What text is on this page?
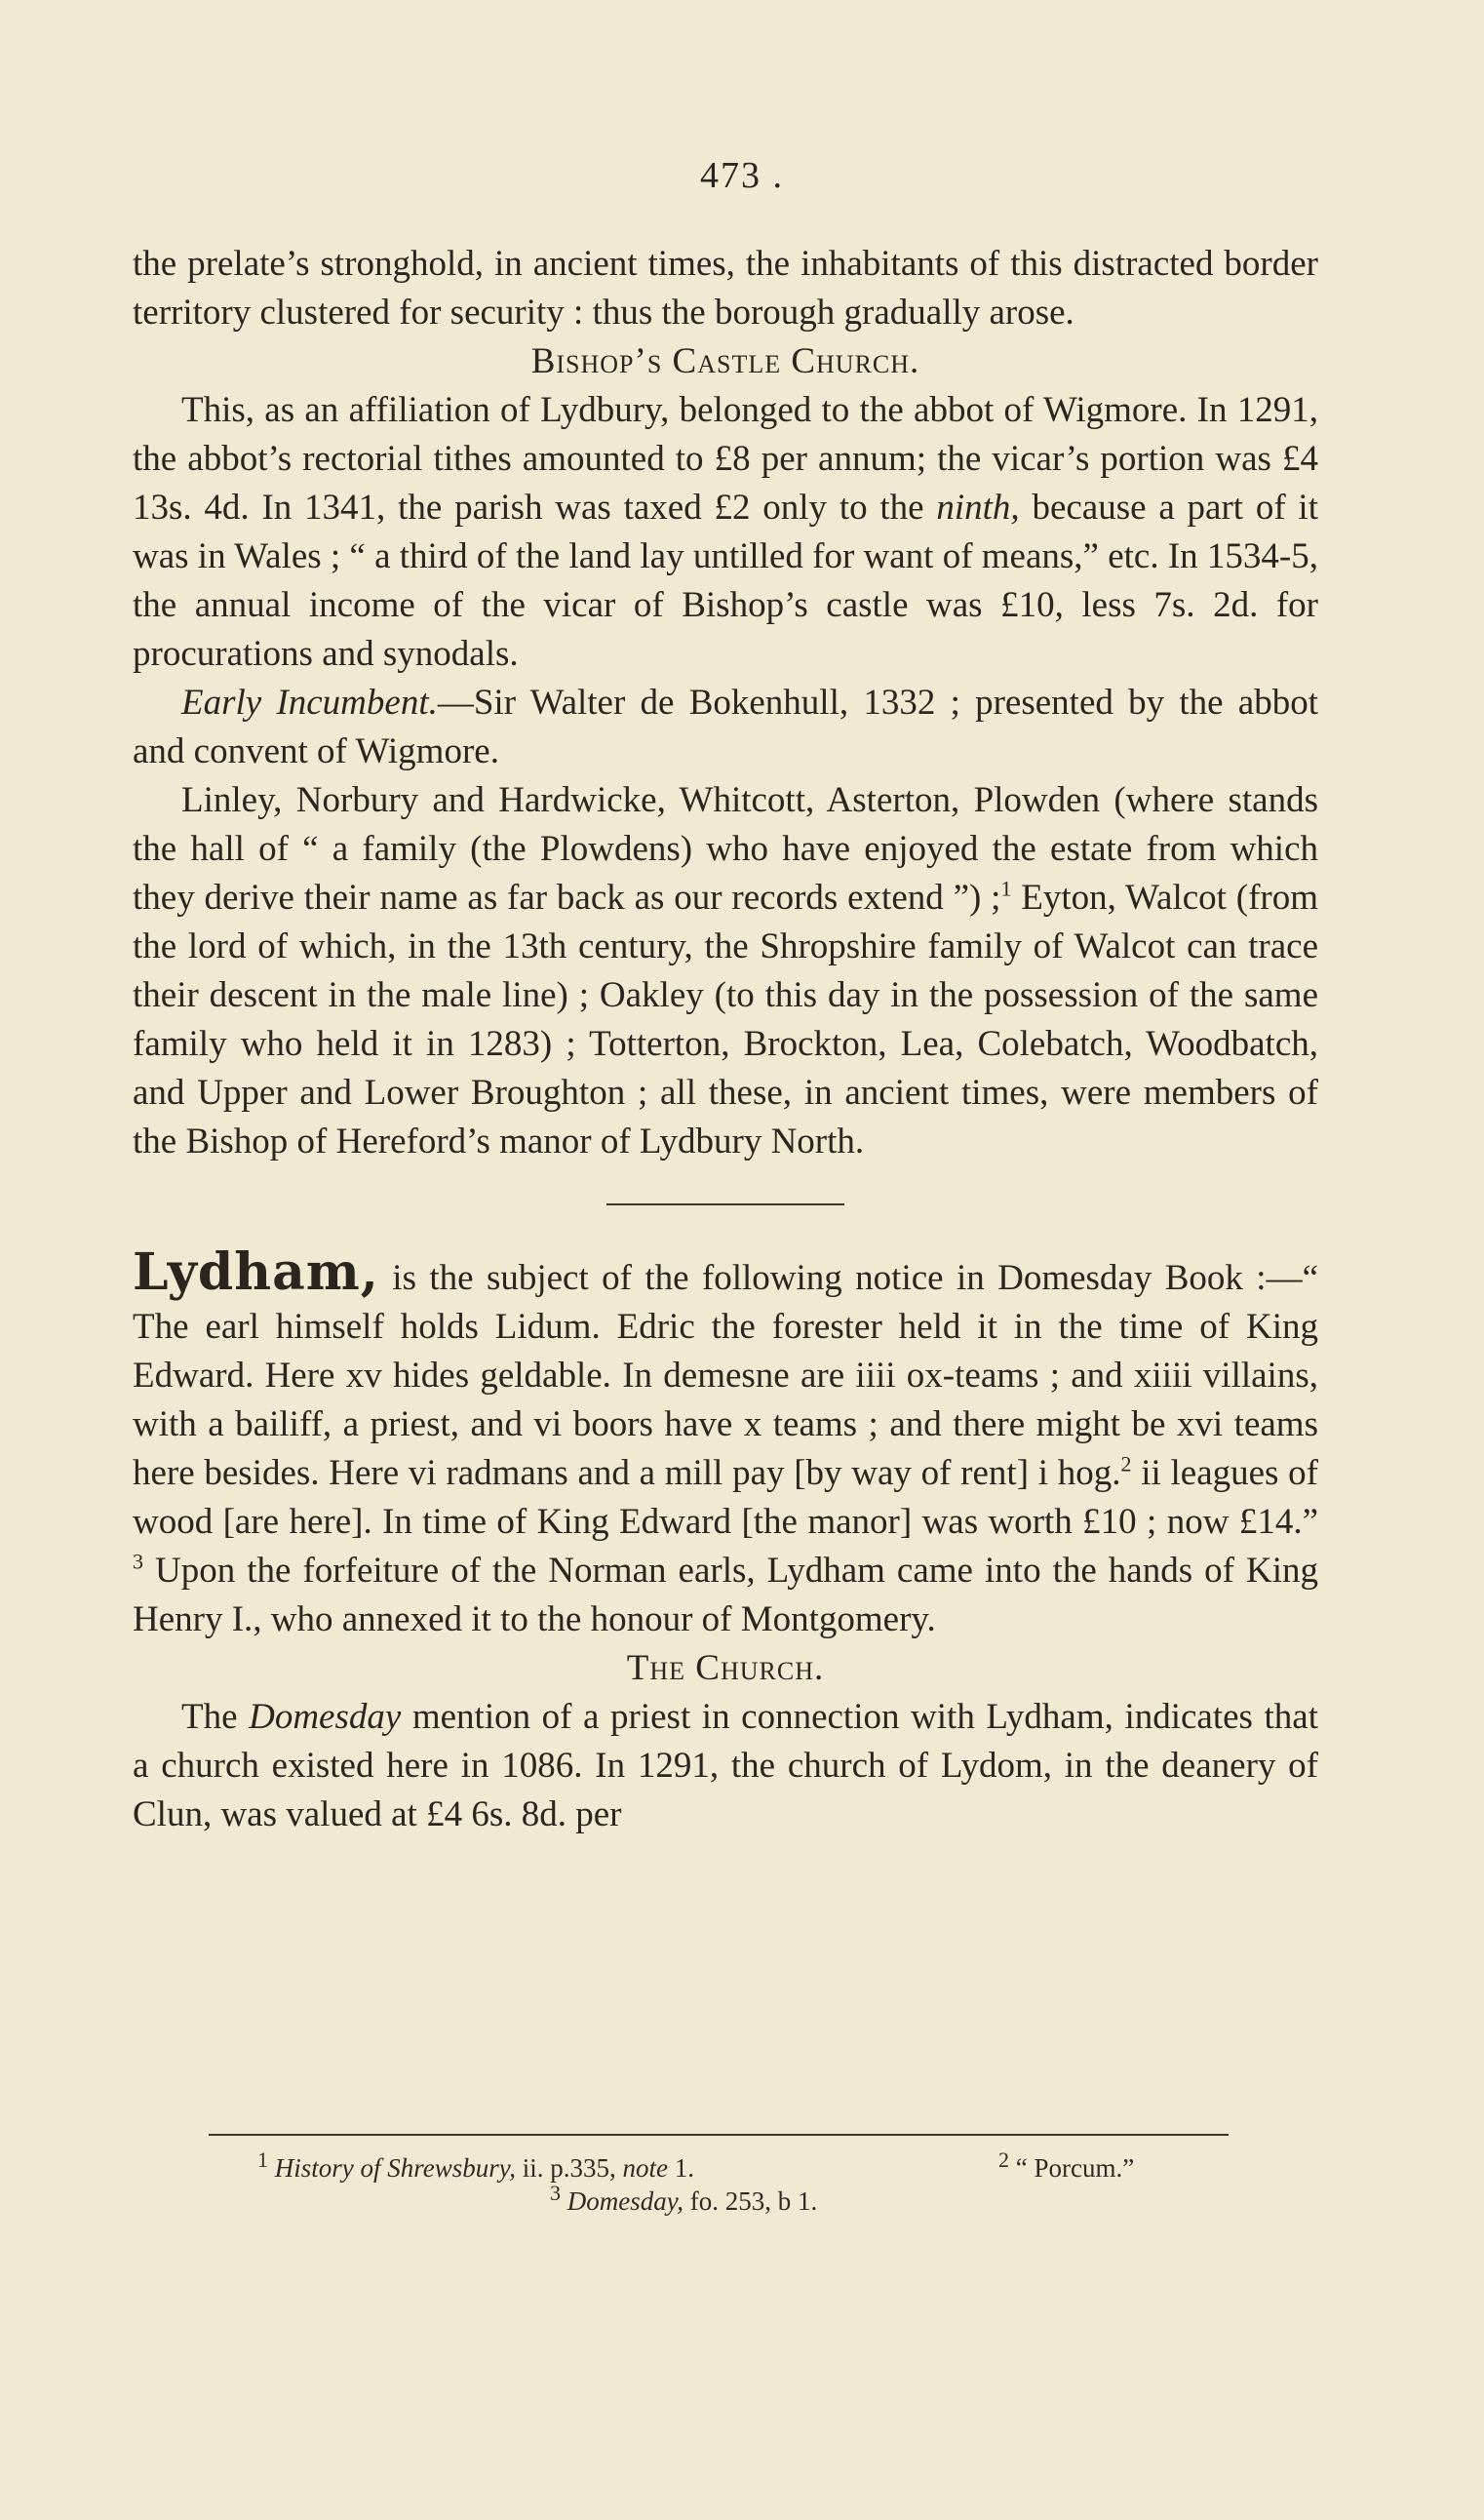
473 .

the prelate’s stronghold, in ancient times, the inhabitants of this distracted border territory clustered for security : thus the borough gradually arose.

Bishop’s Castle Church.

This, as an affiliation of Lydbury, belonged to the abbot of Wigmore. In 1291, the abbot’s rectorial tithes amounted to £8 per annum; the vicar’s portion was £4 13s. 4d. In 1341, the parish was taxed £2 only to the ninth, because a part of it was in Wales ; “ a third of the land lay untilled for want of means,” etc. In 1534-5, the annual income of the vicar of Bishop’s castle was £10, less 7s. 2d. for procurations and synodals.

Early Incumbent.—Sir Walter de Bokenhull, 1332 ; presented by the abbot and convent of Wigmore.

Linley, Norbury and Hardwicke, Whitcott, Asterton, Plowden (where stands the hall of “ a family (the Plowdens) who have enjoyed the estate from which they derive their name as far back as our records extend ”) ;$^1$ Eyton, Walcot (from the lord of which, in the 13th century, the Shropshire family of Walcot can trace their descent in the male line) ; Oakley (to this day in the possession of the same family who held it in 1283) ; Totterton, Brockton, Lea, Colebatch, Woodbatch, and Upper and Lower Broughton ; all these, in ancient times, were members of the Bishop of Hereford’s manor of Lydbury North.

Lydham, is the subject of the following notice in Domesday Book :—“ The earl himself holds Lidum. Edric the forester held it in the time of King Edward. Here xv hides geldable. In demesne are iiii ox-teams ; and xiiii villains, with a bailiff, a priest, and vi boors have x teams ; and there might be xvi teams here besides. Here vi radmans and a mill pay [by way of rent] i hog.$^2$ ii leagues of wood [are here]. In time of King Edward [the manor] was worth £10 ; now £14.” $^3$ Upon the forfeiture of the Norman earls, Lydham came into the hands of King Henry I., who annexed it to the honour of Montgomery.

The Church.

The Domesday mention of a priest in connection with Lydham, indicates that a church existed here in 1086. In 1291, the church of Lydom, in the deanery of Clun, was valued at £4 6s. 8d. per

$^1$ History of Shrewsbury, ii. p.335, note 1.	$^2$ “ Porcum.”
$^3$ Domesday, fo. 253, b 1.
